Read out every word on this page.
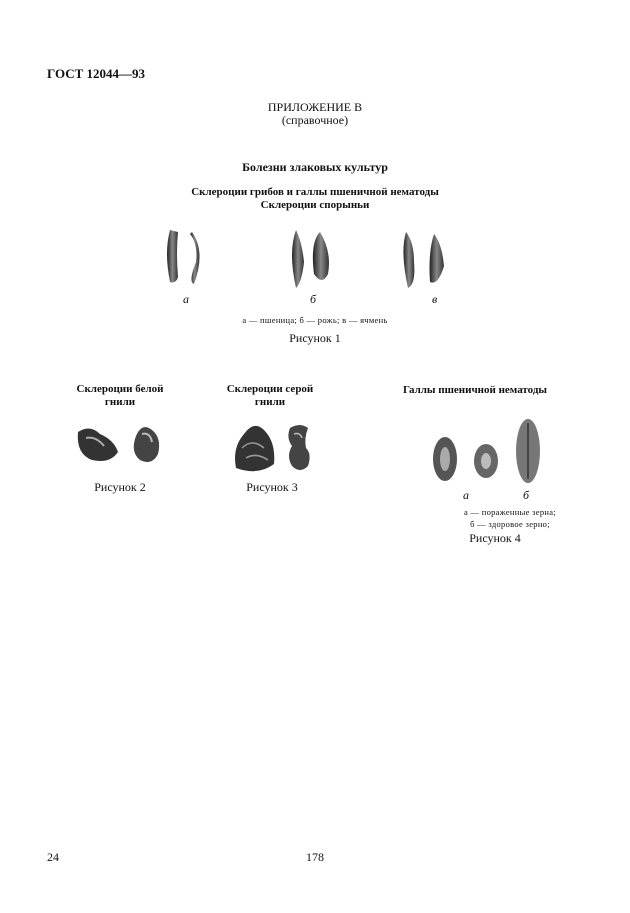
ГОСТ 12044—93
ПРИЛОЖЕНИЕ В
(справочное)
Болезни злаковых культур
Склероции грибов и галлы пшеничной нематоды
Склероции спорыньи
а	б	в
а — пшеница; б — рожь; в — ячмень
Рисунок 1
Склероции белой
гнили
Рисунок 2
Склероции серой
гнили
Рисунок 3
Галлы пшеничной нематоды
а	б
а — пораженные зерна;
б — здоровое зерно;
Рисунок 4
24	178
